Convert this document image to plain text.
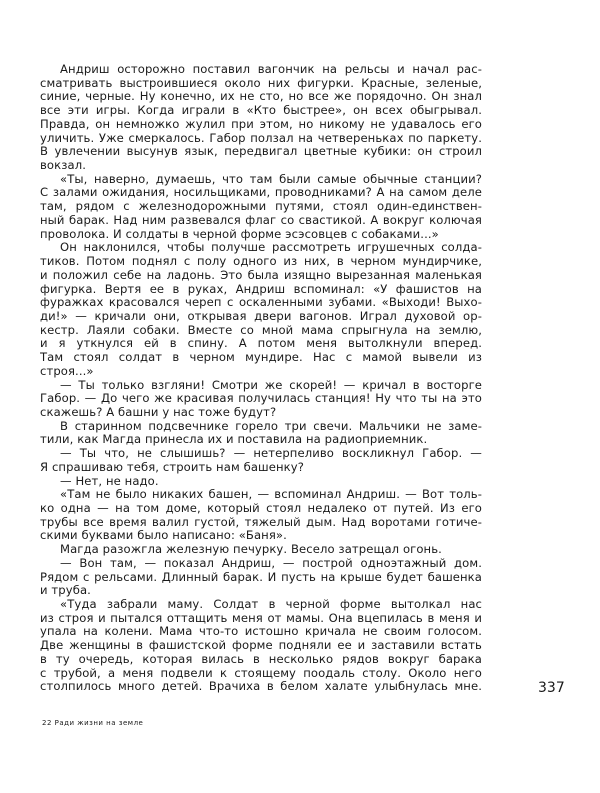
Андриш осторожно поставил вагончик на рельсы и начал рас-
сматривать выстроившиеся около них фигурки. Красные, зеленые,
синие, черные. Ну конечно, их не сто, но все же порядочно. Он знал
все эти игры. Когда играли в «Кто быстрее», он всех обыгрывал.
Правда, он немножко жулил при этом, но никому не удавалось его
уличить. Уже смеркалось. Габор ползал на четвереньках по паркету.
В увлечении высунув язык, передвигал цветные кубики: он строил
вокзал.
«Ты, наверно, думаешь, что там были самые обычные станции?
С залами ожидания, носильщиками, проводниками? А на самом деле
там, рядом с железнодорожными путями, стоял один-единствен-
ный барак. Над ним развевался флаг со свастикой. А вокруг колючая
проволока. И солдаты в черной форме эсэсовцев с собаками...»
Он наклонился, чтобы получше рассмотреть игрушечных солда-
тиков. Потом поднял с полу одного из них, в черном мундирчике,
и положил себе на ладонь. Это была изящно вырезанная маленькая
фигурка. Вертя ее в руках, Андриш вспоминал: «У фашистов на
фуражках красовался череп с оскаленными зубами. «Выходи! Выхо-
ди!» — кричали они, открывая двери вагонов. Играл духовой ор-
кестр. Лаяли собаки. Вместе со мной мама спрыгнула на землю,
и я уткнулся ей в спину. А потом меня вытолкнули вперед.
Там стоял солдат в черном мундире. Нас с мамой вывели из
строя...»
— Ты только взгляни! Смотри же скорей! — кричал в восторге
Габор. — До чего же красивая получилась станция! Ну что ты на это
скажешь? А башни у нас тоже будут?
В старинном подсвечнике горело три свечи. Мальчики не заме-
тили, как Магда принесла их и поставила на радиоприемник.
— Ты что, не слышишь? — нетерпеливо воскликнул Габор. —
Я спрашиваю тебя, строить нам башенку?
— Нет, не надо.
«Там не было никаких башен, — вспоминал Андриш. — Вот толь-
ко одна — на том доме, который стоял недалеко от путей. Из его
трубы все время валил густой, тяжелый дым. Над воротами готиче-
скими буквами было написано: «Баня».
Магда разожгла железную печурку. Весело затрещал огонь.
— Вон там, — показал Андриш, — построй одноэтажный дом.
Рядом с рельсами. Длинный барак. И пусть на крыше будет башенка
и труба.
«Туда забрали маму. Солдат в черной форме вытолкал нас
из строя и пытался оттащить меня от мамы. Она вцепилась в меня и
упала на колени. Мама что-то истошно кричала не своим голосом.
Две женщины в фашистской форме подняли ее и заставили встать
в ту очередь, которая вилась в несколько рядов вокруг барака
с трубой, а меня подвели к стоящему поодаль столу. Около него
столпилось много детей. Врачиха в белом халате улыбнулась мне.	337
22 Ради жизни на земле
